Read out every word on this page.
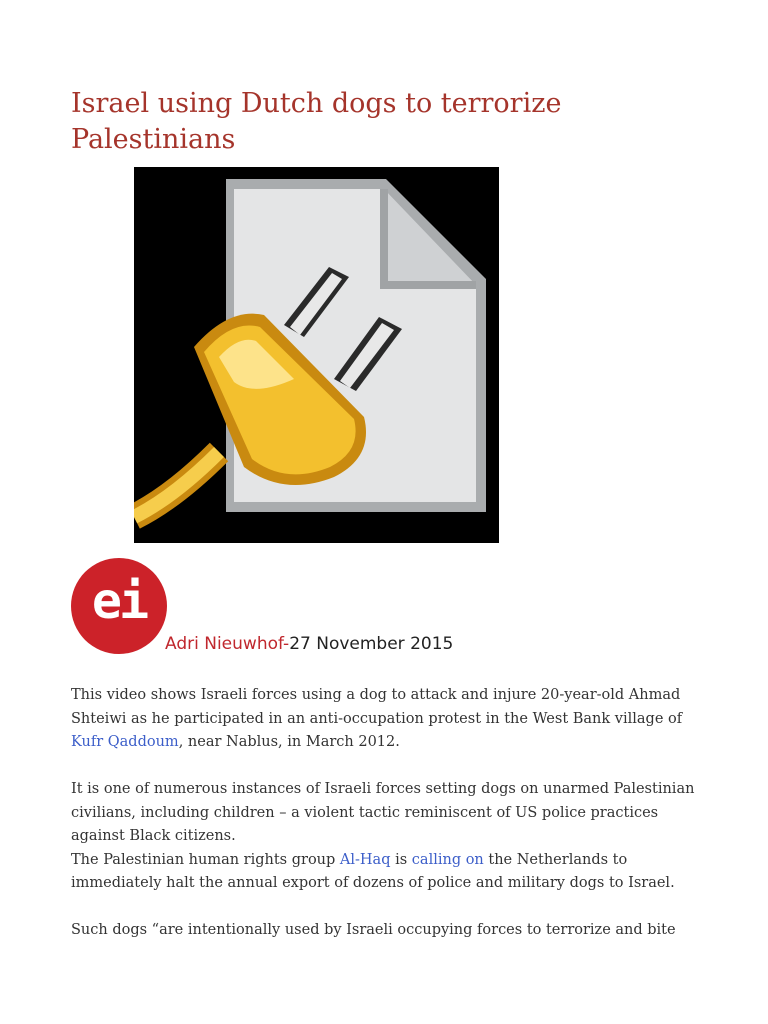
Israel using Dutch dogs to terrorize Palestinians
ei
Adri Nieuwhof-27 November 2015

This video shows Israeli forces using a dog to attack and injure 20-year-old Ahmad Shteiwi as he participated in an anti-occupation protest in the West Bank village of Kufr Qaddoum, near Nablus, in March 2012.

It is one of numerous instances of Israeli forces setting dogs on unarmed Palestinian civilians, including children – a violent tactic reminiscent of US police practices against Black citizens.

The Palestinian human rights group Al-Haq is calling on the Netherlands to immediately halt the annual export of dozens of police and military dogs to Israel.

Such dogs “are intentionally used by Israeli occupying forces to terrorize and bite
